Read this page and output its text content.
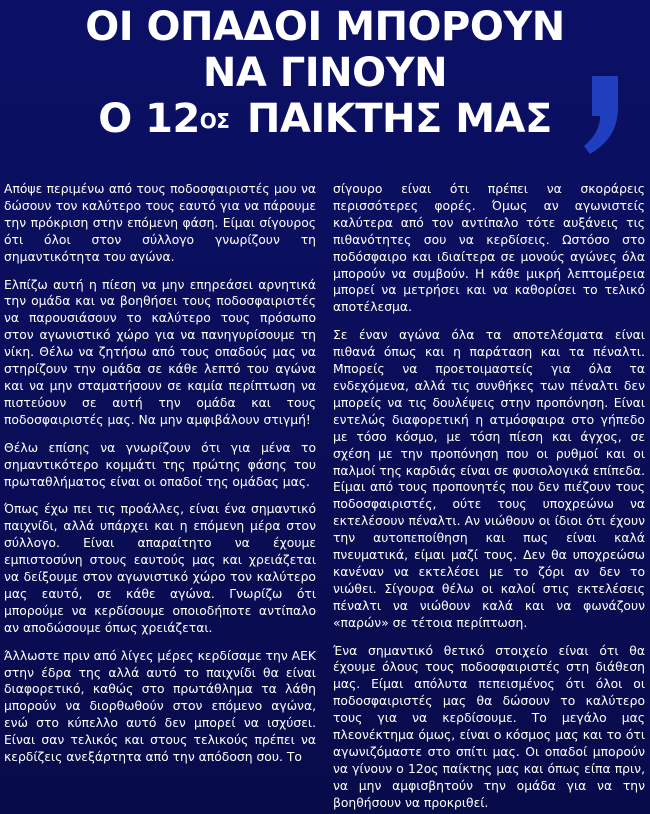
ΟΙ ΟΠΑΔΟΙ ΜΠΟΡΟΥΝ
ΝΑ ΓΙΝΟΥΝ
Ο $12^{O\Sigma}$ ΠΑΙΚΤΗΣ ΜΑΣ

Απόψε περιμένω από τους ποδοσφαιριστές μου να δώσουν τον καλύτερο τους εαυτό για να πάρουμε την πρόκριση στην επόμενη φάση. Είμαι σίγουρος ότι όλοι στον σύλλογο γνωρίζουν τη σημαντικότητα του αγώνα.

Ελπίζω αυτή η πίεση να μην επηρεάσει αρνητικά την ομάδα και να βοηθήσει τους ποδοσφαιριστές να παρουσιάσουν το καλύτερο τους πρόσωπο στον αγωνιστικό χώρο για να πανηγυρίσουμε τη νίκη. Θέλω να ζητήσω από τους οπαδούς μας να στηρίζουν την ομάδα σε κάθε λεπτό του αγώνα και να μην σταματήσουν σε καμία περίπτωση να πιστεύουν σε αυτή την ομάδα και τους ποδοσφαιριστές μας. Να μην αμφιβάλουν στιγμή!

Θέλω επίσης να γνωρίζουν ότι για μένα το σημαντικότερο κομμάτι της πρώτης φάσης του πρωταθλήματος είναι οι οπαδοί της ομάδας μας.

Όπως έχω πει τις προάλλες, είναι ένα σημαντικό παιχνίδι, αλλά υπάρχει και η επόμενη μέρα στον σύλλογο. Είναι απαραίτητο να έχουμε εμπιστοσύνη στους εαυτούς μας και χρειάζεται να δείξουμε στον αγωνιστικό χώρο τον καλύτερο μας εαυτό, σε κάθε αγώνα. Γνωρίζω ότι μπορούμε να κερδίσουμε οποιοδήποτε αντίπαλο αν αποδώσουμε όπως χρειάζεται.

Άλλωστε πριν από λίγες μέρες κερδίσαμε την ΑΕΚ στην έδρα της αλλά αυτό το παιχνίδι θα είναι διαφορετικό, καθώς στο πρωτάθλημα τα λάθη μπορούν να διορθωθούν στον επόμενο αγώνα, ενώ στο κύπελλο αυτό δεν μπορεί να ισχύσει. Είναι σαν τελικός και στους τελικούς πρέπει να κερδίζεις ανεξάρτητα από την απόδοση σου. Το

σίγουρο είναι ότι πρέπει να σκοράρεις περισσότερες φορές. Όμως αν αγωνιστείς καλύτερα από τον αντίπαλο τότε αυξάνεις τις πιθανότητες σου να κερδίσεις. Ωστόσο στο ποδόσφαιρο και ιδιαίτερα σε μονούς αγώνες όλα μπορούν να συμβούν. Η κάθε μικρή λεπτομέρεια μπορεί να μετρήσει και να καθορίσει το τελικό αποτέλεσμα.

Σε έναν αγώνα όλα τα αποτελέσματα είναι πιθανά όπως και η παράταση και τα πέναλτι. Μπορείς να προετοιμαστείς για όλα τα ενδεχόμενα, αλλά τις συνθήκες των πέναλτι δεν μπορείς να τις δουλέψεις στην προπόνηση. Είναι εντελώς διαφορετική η ατμόσφαιρα στο γήπεδο με τόσο κόσμο, με τόση πίεση και άγχος, σε σχέση με την προπόνηση που οι ρυθμοί και οι παλμοί της καρδιάς είναι σε φυσιολογικά επίπεδα. Είμαι από τους προπονητές που δεν πιέζουν τους ποδοσφαιριστές, ούτε τους υποχρεώνω να εκτελέσουν πέναλτι. Αν νιώθουν οι ίδιοι ότι έχουν την αυτοπεποίθηση και πως είναι καλά πνευματικά, είμαι μαζί τους. Δεν θα υποχρεώσω κανέναν να εκτελέσει με το ζόρι αν δεν το νιώθει. Σίγουρα θέλω οι καλοί στις εκτελέσεις πέναλτι να νιώθουν καλά και να φωνάζουν «παρών» σε τέτοια περίπτωση.

Ένα σημαντικό θετικό στοιχείο είναι ότι θα έχουμε όλους τους ποδοσφαιριστές στη διάθεση μας. Είμαι απόλυτα πεπεισμένος ότι όλοι οι ποδοσφαιριστές μας θα δώσουν το καλύτερο τους για να κερδίσουμε. Το μεγάλο μας πλεονέκτημα όμως, είναι ο κόσμος μας και το ότι αγωνιζόμαστε στο σπίτι μας. Οι οπαδοί μπορούν να γίνουν ο 12ος παίκτης μας και όπως είπα πριν, να μην αμφισβητούν την ομάδα για να την βοηθήσουν να προκριθεί.
